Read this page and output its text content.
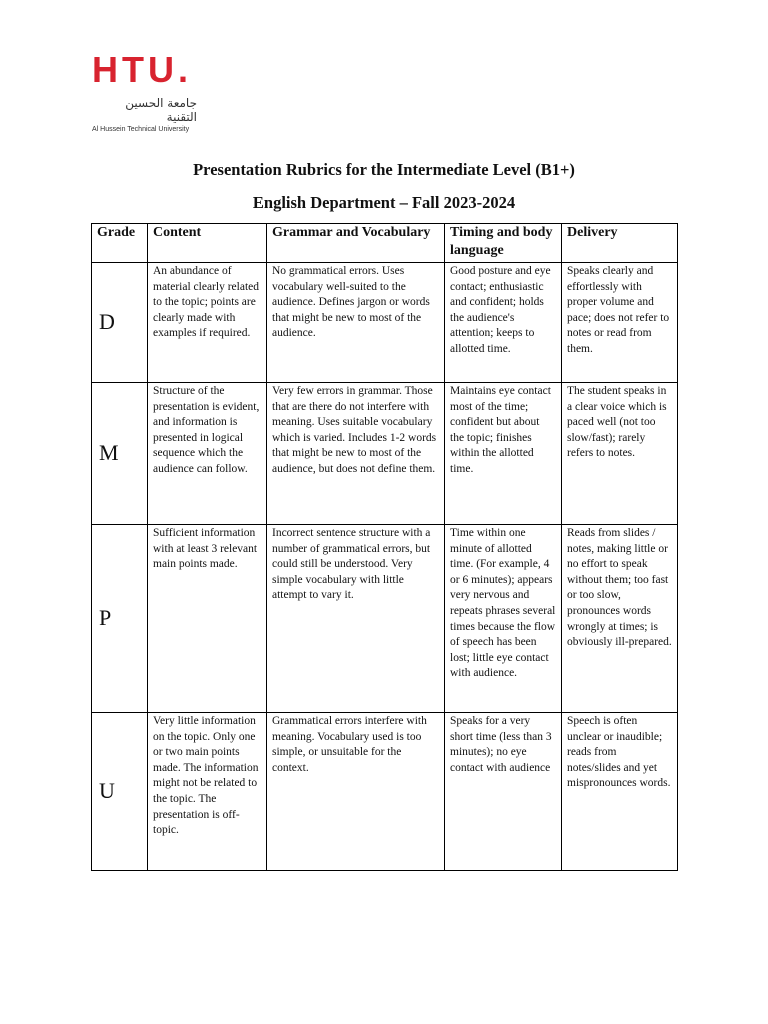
HTU.
جامعة الحسين التقنية
Al Hussein Technical University
Presentation Rubrics for the Intermediate Level (B1+)
English Department – Fall 2023-2024
Grade	Content	Grammar and Vocabulary	Timing and body language	Delivery
D	An abundance of material clearly related to the topic; points are clearly made with examples if required.	No grammatical errors. Uses vocabulary well-suited to the audience. Defines jargon or words that might be new to most of the audience.	Good posture and eye contact; enthusiastic and confident; holds the audience's attention; keeps to allotted time.	Speaks clearly and effortlessly with proper volume and pace; does not refer to notes or read from them.
M	Structure of the presentation is evident, and information is presented in logical sequence which the audience can follow.	Very few errors in grammar. Those that are there do not interfere with meaning. Uses suitable vocabulary which is varied. Includes 1-2 words that might be new to most of the audience, but does not define them.	Maintains eye contact most of the time; confident but about the topic; finishes within the allotted time.	The student speaks in a clear voice which is paced well (not too slow/fast); rarely refers to notes.
P	Sufficient information with at least 3 relevant main points made.	Incorrect sentence structure with a number of grammatical errors, but could still be understood. Very simple vocabulary with little attempt to vary it.	Time within one minute of allotted time. (For example, 4 or 6 minutes); appears very nervous and repeats phrases several times because the flow of speech has been lost; little eye contact with audience.	Reads from slides / notes, making little or no effort to speak without them; too fast or too slow, pronounces words wrongly at times; is obviously ill-prepared.
U	Very little information on the topic. Only one or two main points made. The information might not be related to the topic. The presentation is off-topic.	Grammatical errors interfere with meaning. Vocabulary used is too simple, or unsuitable for the context.	Speaks for a very short time (less than 3 minutes); no eye contact with audience	Speech is often unclear or inaudible; reads from notes/slides and yet mispronounces words.
